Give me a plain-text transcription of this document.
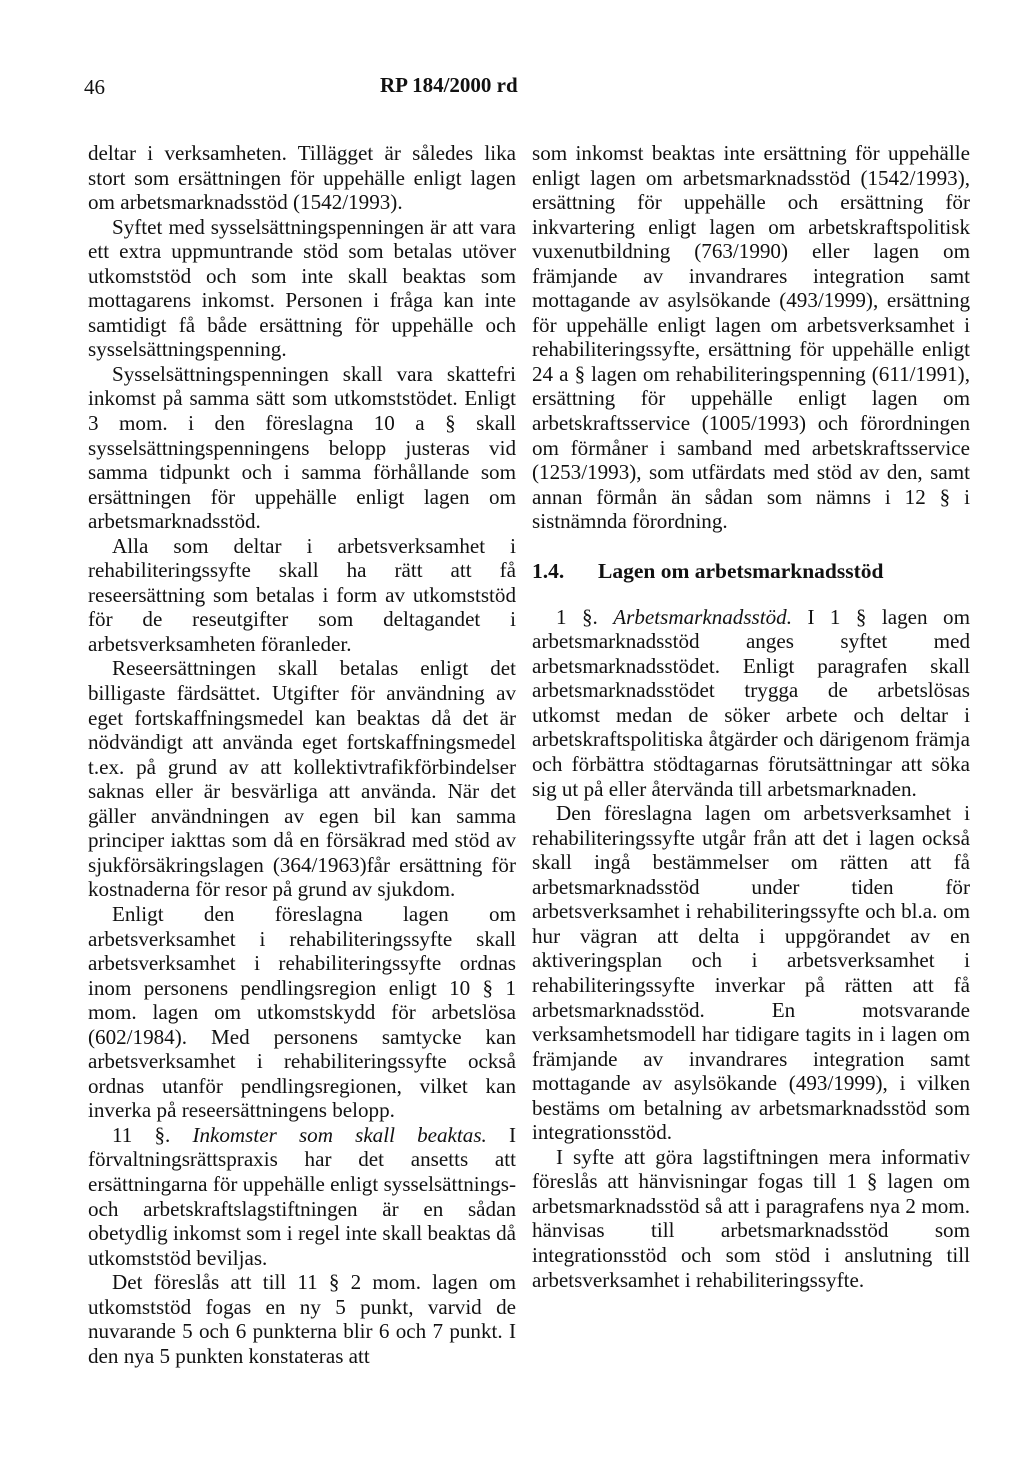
46	RP 184/2000 rd

deltar i verksamheten. Tillägget är således lika stort som ersättningen för uppehälle enligt lagen om arbetsmarknadsstöd (1542/1993).

Syftet med sysselsättningspenningen är att vara ett extra uppmuntrande stöd som betalas utöver utkomststöd och som inte skall beaktas som mottagarens inkomst. Personen i fråga kan inte samtidigt få både ersättning för uppehälle och sysselsättningspenning.

Sysselsättningspenningen skall vara skattefri inkomst på samma sätt som utkomststödet. Enligt 3 mom. i den föreslagna 10 a § skall sysselsättningspenningens belopp justeras vid samma tidpunkt och i samma förhållande som ersättningen för uppehälle enligt lagen om arbetsmarknadsstöd.

Alla som deltar i arbetsverksamhet i rehabiliteringssyfte skall ha rätt att få reseersättning som betalas i form av utkomststöd för de reseutgifter som deltagandet i arbetsverksamheten föranleder.

Reseersättningen skall betalas enligt det billigaste färdsättet. Utgifter för användning av eget fortskaffningsmedel kan beaktas då det är nödvändigt att använda eget fortskaffningsmedel t.ex. på grund av att kollektivtrafikförbindelser saknas eller är besvärliga att använda. När det gäller användningen av egen bil kan samma principer iakttas som då en försäkrad med stöd av sjukförsäkringslagen (364/1963)får ersättning för kostnaderna för resor på grund av sjukdom.

Enligt den föreslagna lagen om arbetsverksamhet i rehabiliteringssyfte skall arbetsverksamhet i rehabiliteringssyfte ordnas inom personens pendlingsregion enligt 10 § 1 mom. lagen om utkomstskydd för arbetslösa (602/1984). Med personens samtycke kan arbetsverksamhet i rehabiliteringssyfte också ordnas utanför pendlingsregionen, vilket kan inverka på reseersättningens belopp.

11 §. Inkomster som skall beaktas. I förvaltningsrättspraxis har det ansetts att ersättningarna för uppehälle enligt sysselsättnings- och arbetskraftslagstiftningen är en sådan obetydlig inkomst som i regel inte skall beaktas då utkomststöd beviljas.

Det föreslås att till 11 § 2 mom. lagen om utkomststöd fogas en ny 5 punkt, varvid de nuvarande 5 och 6 punkterna blir 6 och 7 punkt. I den nya 5 punkten konstateras att

som inkomst beaktas inte ersättning för uppehälle enligt lagen om arbetsmarknadsstöd (1542/1993), ersättning för uppehälle och ersättning för inkvartering enligt lagen om arbetskraftspolitisk vuxenutbildning (763/1990) eller lagen om främjande av invandrares integration samt mottagande av asylsökande (493/1999), ersättning för uppehälle enligt lagen om arbetsverksamhet i rehabiliteringssyfte, ersättning för uppehälle enligt 24 a § lagen om rehabiliteringspenning (611/1991), ersättning för uppehälle enligt lagen om arbetskraftsservice (1005/1993) och förordningen om förmåner i samband med arbetskraftsservice (1253/1993), som utfärdats med stöd av den, samt annan förmån än sådan som nämns i 12 § i sistnämnda förordning.

1.4. Lagen om arbetsmarknadsstöd

1 §. Arbetsmarknadsstöd. I 1 § lagen om arbetsmarknadsstöd anges syftet med arbetsmarknadsstödet. Enligt paragrafen skall arbetsmarknadsstödet trygga de arbetslösas utkomst medan de söker arbete och deltar i arbetskraftspolitiska åtgärder och därigenom främja och förbättra stödtagarnas förutsättningar att söka sig ut på eller återvända till arbetsmarknaden.

Den föreslagna lagen om arbetsverksamhet i rehabiliteringssyfte utgår från att det i lagen också skall ingå bestämmelser om rätten att få arbetsmarknadsstöd under tiden för arbetsverksamhet i rehabiliteringssyfte och bl.a. om hur vägran att delta i uppgörandet av en aktiveringsplan och i arbetsverksamhet i rehabiliteringssyfte inverkar på rätten att få arbetsmarknadsstöd. En motsvarande verksamhetsmodell har tidigare tagits in i lagen om främjande av invandrares integration samt mottagande av asylsökande (493/1999), i vilken bestäms om betalning av arbetsmarknadsstöd som integrationsstöd.

I syfte att göra lagstiftningen mera informativ föreslås att hänvisningar fogas till 1 § lagen om arbetsmarknadsstöd så att i paragrafens nya 2 mom. hänvisas till arbetsmarknadsstöd som integrationsstöd och som stöd i anslutning till arbetsverksamhet i rehabiliteringssyfte.
